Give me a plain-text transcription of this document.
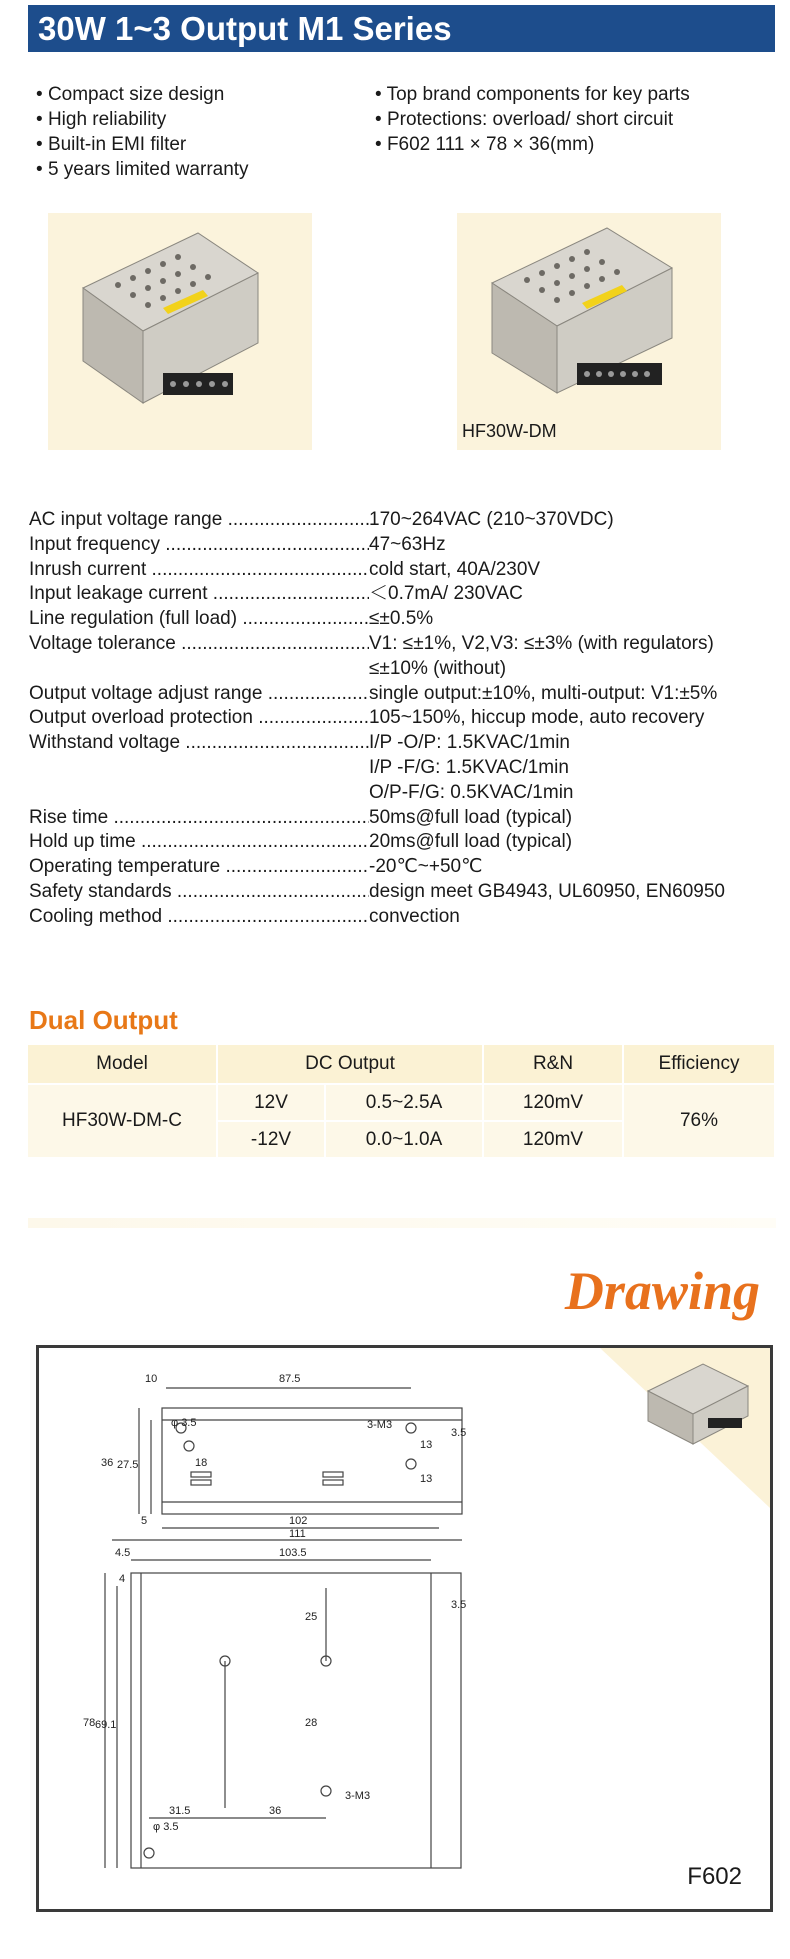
30W 1~3 Output M1 Series
• Compact size design
• High reliability
• Built-in EMI filter
• 5 years limited warranty
• Top brand components for key parts
• Protections: overload/ short circuit
• F602 111 × 78 × 36(mm)
HF30W-DM
AC input voltage range .....	170~264VAC (210~370VDC)
Input frequency .....	47~63Hz
Inrush current .....	cold start, 40A/230V
Input leakage current .....	＜0.7mA/ 230VAC
Line regulation (full load) .....	≤±0.5%
Voltage tolerance .....	V1: ≤±1%, V2,V3: ≤±3% (with regulators)
≤±10% (without)
Output voltage adjust range .....	single output:±10%, multi-output: V1:±5%
Output overload protection .....	105~150%, hiccup mode, auto recovery
Withstand voltage .....	I/P -O/P: 1.5KVAC/1min
I/P -F/G: 1.5KVAC/1min
O/P-F/G: 0.5KVAC/1min
Rise time .....	50ms@full load (typical)
Hold up time .....	20ms@full load (typical)
Operating temperature .....	-20℃~+50℃
Safety standards .....	design meet GB4943, UL60950, EN60950
Cooling method .....	convection
Dual Output
Model	DC Output		R&N	Efficiency
HF30W-DM-C	12V	0.5~2.5A	120mV	76%
	-12V	0.0~1.0A	120mV	
Drawing
10	87.5
36 27.5	18
13
13
3.5
φ 3.5	3-M3
5	102
111
4.5	103.5
4
3.5
78 69.1
25
28
3-M3
31.5	36
φ 3.5
F602
